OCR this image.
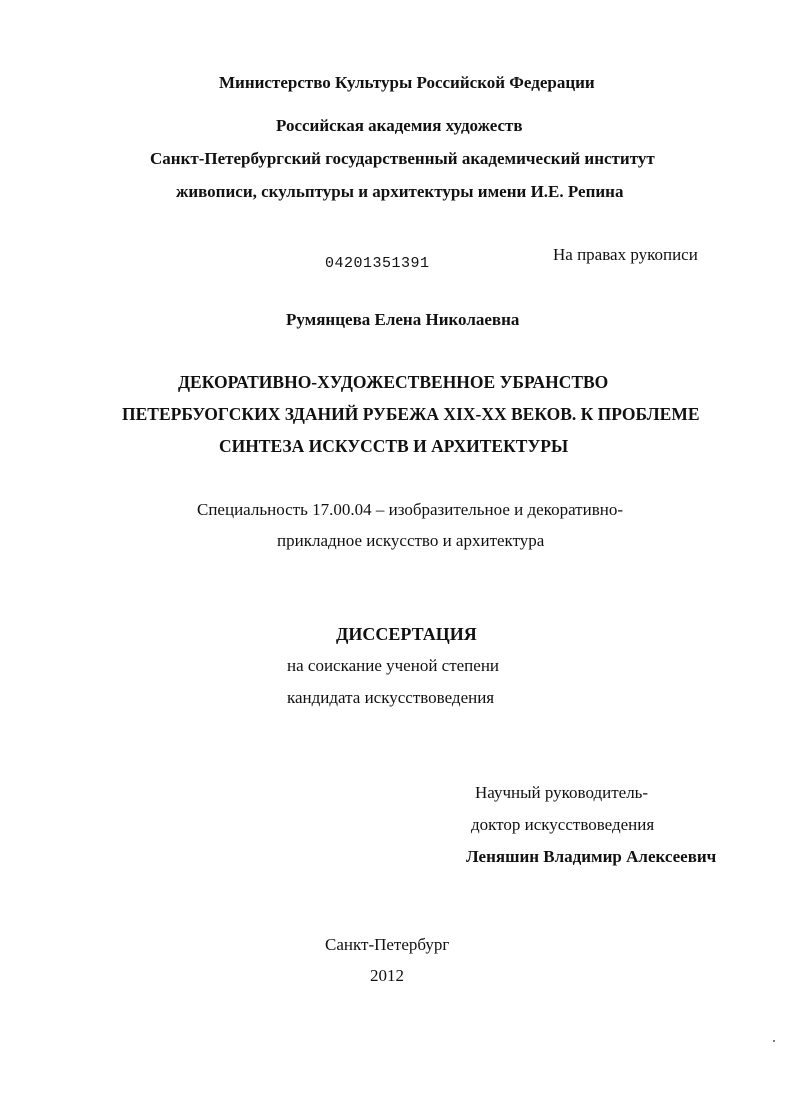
Министерство Культуры Российской Федерации
Российская академия художеств
Санкт-Петербургский государственный академический институт
живописи, скульптуры и архитектуры имени И.Е. Репина
04201351391	На правах рукописи
Румянцева Елена Николаевна
ДЕКОРАТИВНО-ХУДОЖЕСТВЕННОЕ УБРАНСТВО
ПЕТЕРБУОГСКИХ ЗДАНИЙ РУБЕЖА XIX-XX ВЕКОВ. К ПРОБЛЕМЕ
СИНТЕЗА ИСКУССТВ И АРХИТЕКТУРЫ
Специальность 17.00.04 – изобразительное и декоративно-
прикладное искусство и архитектура
ДИССЕРТАЦИЯ
на соискание ученой степени
кандидата искусствоведения
Научный руководитель-
доктор искусствоведения
Леняшин Владимир Алексеевич
Санкт-Петербург
2012
